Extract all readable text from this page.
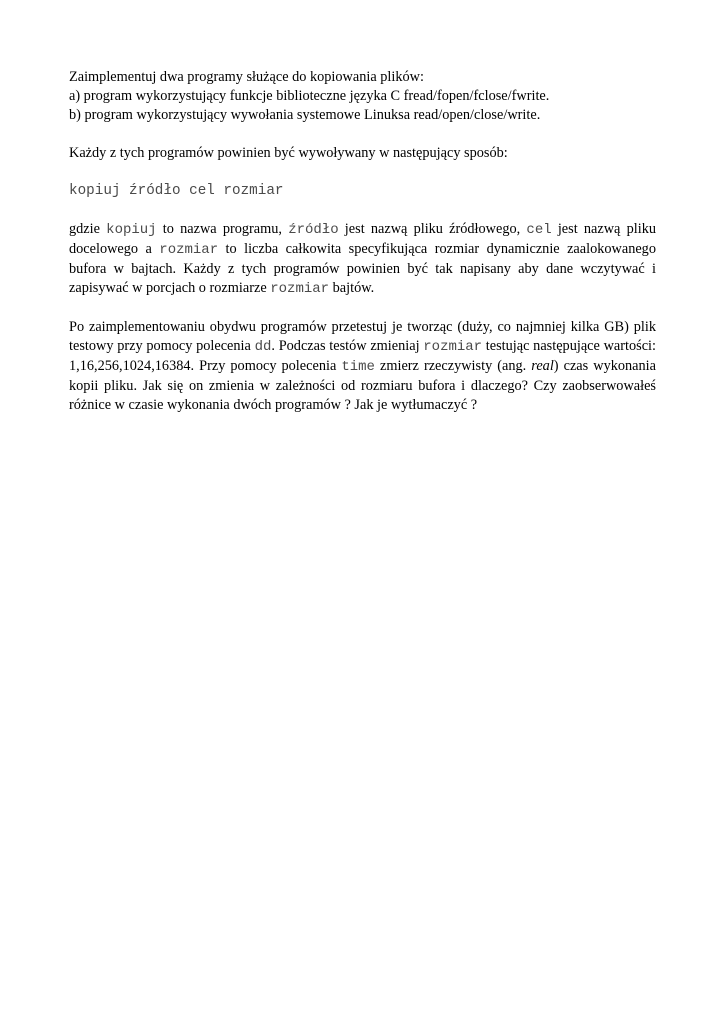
Zaimplementuj dwa programy służące do kopiowania plików:
a) program wykorzystujący funkcje biblioteczne języka C fread/fopen/fclose/fwrite.
b) program wykorzystujący wywołania systemowe Linuksa read/open/close/write.
Każdy z tych programów powinien być wywoływany w następujący sposób:

kopiuj źródło cel rozmiar

gdzie kopiuj to nazwa programu, źródło jest nazwą pliku źródłowego, cel jest nazwą pliku docelowego a rozmiar to liczba całkowita specyfikująca rozmiar dynamicznie zaalokowanego bufora w bajtach. Każdy z tych programów powinien być tak napisany aby dane wczytywać i zapisywać w porcjach o rozmiarze rozmiar bajtów.

Po zaimplementowaniu obydwu programów przetestuj je tworząc (duży, co najmniej kilka GB) plik testowy przy pomocy polecenia dd. Podczas testów zmieniaj rozmiar testując następujące wartości: 1,16,256,1024,16384. Przy pomocy polecenia time zmierz rzeczywisty (ang. real) czas wykonania kopii pliku. Jak się on zmienia w zależności od rozmiaru bufora i dlaczego? Czy zaobserwowałeś różnice w czasie wykonania dwóch programów ? Jak je wytłumaczyć ?
